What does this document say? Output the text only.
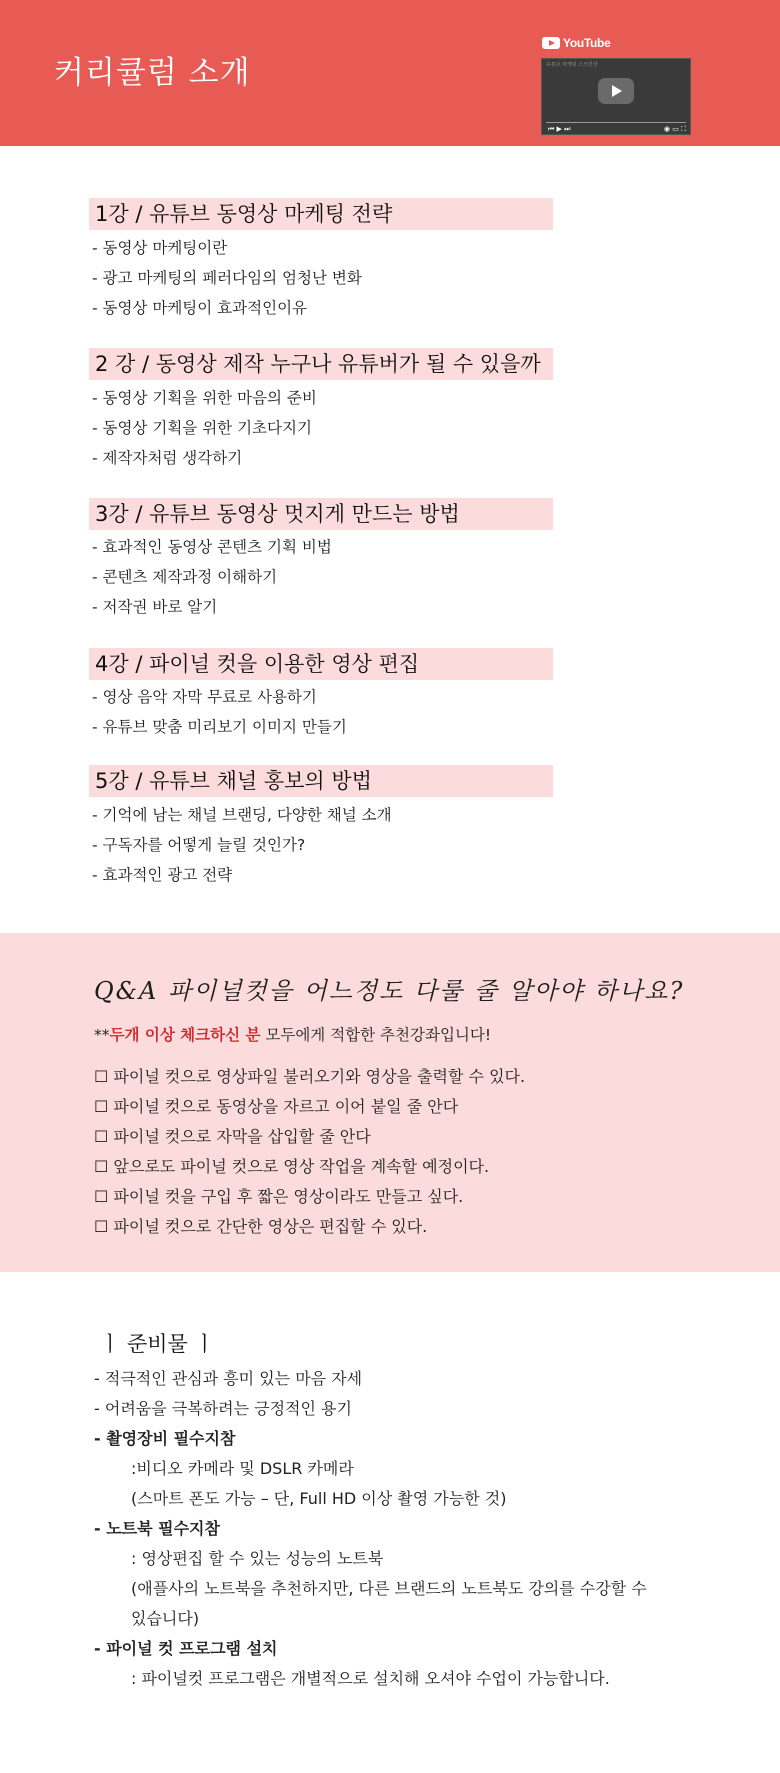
커리큘럼 소개
YouTube
유튜브 마케팅 스크린샷
⏮ ▶ ⏭	◉ ▭ ⛶
1강 / 유튜브 동영상 마케팅 전략
- 동영상 마케팅이란
- 광고 마케팅의 페러다임의 엄청난 변화
- 동영상 마케팅이 효과적인이유
2 강 / 동영상 제작 누구나 유튜버가 될 수 있을까
- 동영상 기획을 위한 마음의 준비
- 동영상 기획을 위한 기초다지기
- 제작자처럼 생각하기
3강 / 유튜브 동영상 멋지게 만드는 방법
- 효과적인 동영상 콘텐츠 기획 비법
- 콘텐츠 제작과정 이해하기
- 저작권 바로 알기
4강 / 파이널 컷을 이용한 영상 편집
- 영상 음악 자막 무료로 사용하기
- 유튜브 맞춤 미리보기 이미지 만들기
5강 / 유튜브 채널 홍보의 방법
- 기억에 남는 채널 브랜딩, 다양한 채널 소개
- 구독자를 어떻게 늘릴 것인가?
- 효과적인 광고 전략
Q&A 파이널컷을 어느정도 다룰 줄 알아야 하나요?
**두개 이상 체크하신 분 모두에게 적합한 추천강좌입니다!
☐ 파이널 컷으로 영상파일 불러오기와 영상을 출력할 수 있다.
☐ 파이널 컷으로 동영상을 자르고 이어 붙일 줄 안다
☐ 파이널 컷으로 자막을 삽입할 줄 안다
☐ 앞으로도 파이널 컷으로 영상 작업을 계속할 예정이다.
☐ 파이널 컷을 구입 후 짧은 영상이라도 만들고 싶다.
☐ 파이널 컷으로 간단한 영상은 편집할 수 있다.
ㅣ 준비물 ㅣ
- 적극적인 관심과 흥미 있는 마음 자세
- 어려움을 극복하려는 긍정적인 용기
- 촬영장비 필수지참
:비디오 카메라 및 DSLR 카메라
(스마트 폰도 가능 – 단, Full HD 이상 촬영 가능한 것)
- 노트북 필수지참
: 영상편집 할 수 있는 성능의 노트북
(애플사의 노트북을 추천하지만, 다른 브랜드의 노트북도 강의를 수강할 수
있습니다)
- 파이널 컷 프로그램 설치
: 파이널컷 프로그램은 개별적으로 설치해 오셔야 수업이 가능합니다.
